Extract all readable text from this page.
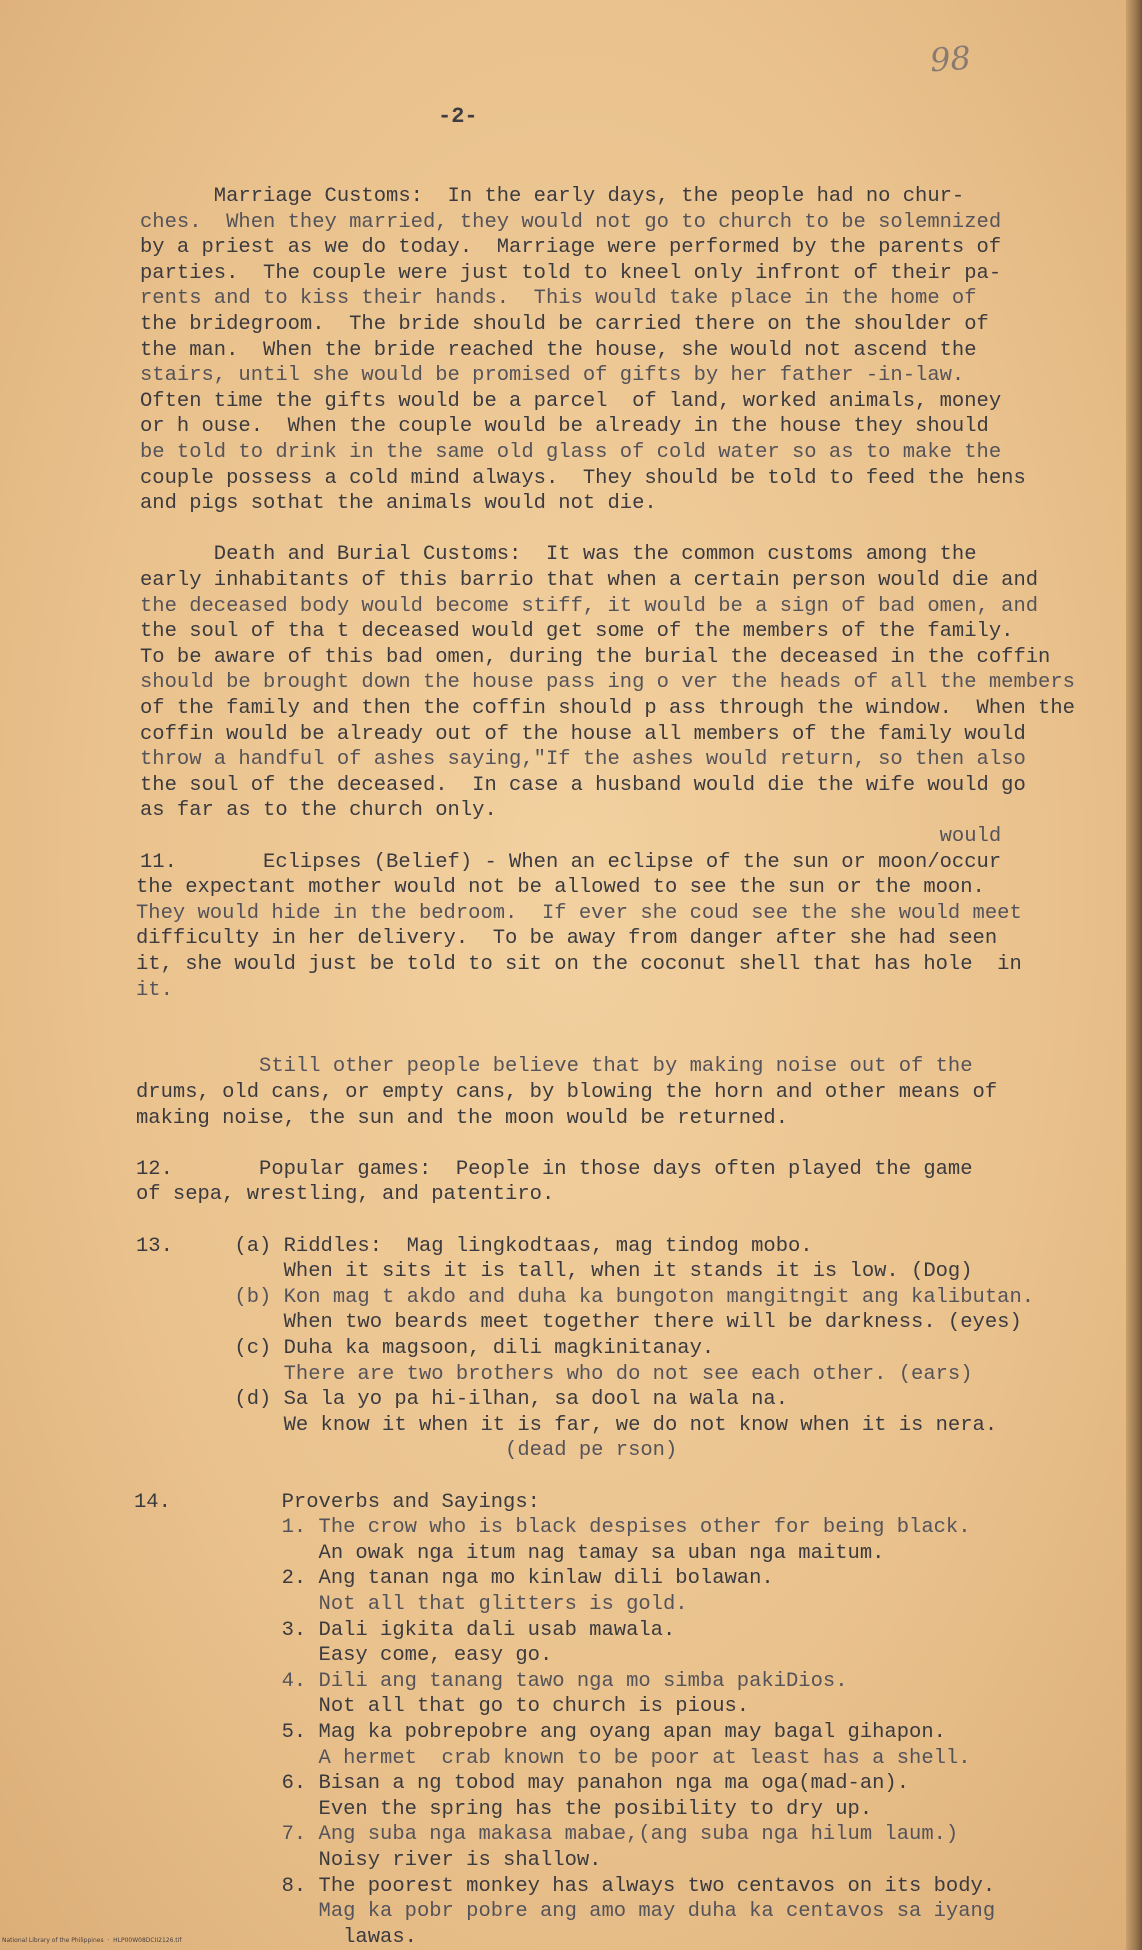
98
-2-
Marriage Customs:  In the early days, the people had no chur-
ches.  When they married, they would not go to church to be solemnized
by a priest as we do today.  Marriage were performed by the parents of
parties.  The couple were just told to kneel only infront of their pa-
rents and to kiss their hands.  This would take place in the home of
the bridegroom.  The bride should be carried there on the shoulder of
the man.  When the bride reached the house, she would not ascend the
stairs, until she would be promised of gifts by her father -in-law.
Often time the gifts would be a parcel  of land, worked animals, money
or h ouse.  When the couple would be already in the house they should
be told to drink in the same old glass of cold water so as to make the
couple possess a cold mind always.  They should be told to feed the hens
and pigs sothat the animals would not die.
Death and Burial Customs:  It was the common customs among the
early inhabitants of this barrio that when a certain person would die and
the deceased body would become stiff, it would be a sign of bad omen, and
the soul of tha t deceased would get some of the members of the family.
To be aware of this bad omen, during the burial the deceased in the coffin
should be brought down the house pass ing o ver the heads of all the members
of the family and then the coffin should p ass through the window.  When the
coffin would be already out of the house all members of the family would
throw a handful of ashes saying,"If the ashes would return, so then also
the soul of the deceased.  In case a husband would die the wife would go
as far as to the church only.
would
11.       Eclipses (Belief) - When an eclipse of the sun or moon/occur
the expectant mother would not be allowed to see the sun or the moon.
They would hide in the bedroom.  If ever she coud see the she would meet
difficulty in her delivery.  To be away from danger after she had seen
it, she would just be told to sit on the coconut shell that has hole  in
it.
Still other people believe that by making noise out of the
drums, old cans, or empty cans, by blowing the horn and other means of
making noise, the sun and the moon would be returned.
12.       Popular games:  People in those days often played the game
of sepa, wrestling, and patentiro.
13.     (a) Riddles:  Mag lingkodtaas, mag tindog mobo.
When it sits it is tall, when it stands it is low. (Dog)
(b) Kon mag t akdo and duha ka bungoton mangitngit ang kalibutan.
When two beards meet together there will be darkness. (eyes)
(c) Duha ka magsoon, dili magkinitanay.
There are two brothers who do not see each other. (ears)
(d) Sa la yo pa hi-ilhan, sa dool na wala na.
We know it when it is far, we do not know when it is nera.
(dead pe rson)
14.         Proverbs and Sayings:
1. The crow who is black despises other for being black.
An owak nga itum nag tamay sa uban nga maitum.
2. Ang tanan nga mo kinlaw dili bolawan.
Not all that glitters is gold.
3. Dali igkita dali usab mawala.
Easy come, easy go.
4. Dili ang tanang tawo nga mo simba pakiDios.
Not all that go to church is pious.
5. Mag ka pobrepobre ang oyang apan may bagal gihapon.
A hermet  crab known to be poor at least has a shell.
6. Bisan a ng tobod may panahon nga ma oga(mad-an).
Even the spring has the posibility to dry up.
7. Ang suba nga makasa mabae,(ang suba nga hilum laum.)
Noisy river is shallow.
8. The poorest monkey has always two centavos on its body.
Mag ka pobr pobre ang amo may duha ka centavos sa iyang
lawas.
National Library of the Philippines  ·  HLP00W08DCII2126.tif
